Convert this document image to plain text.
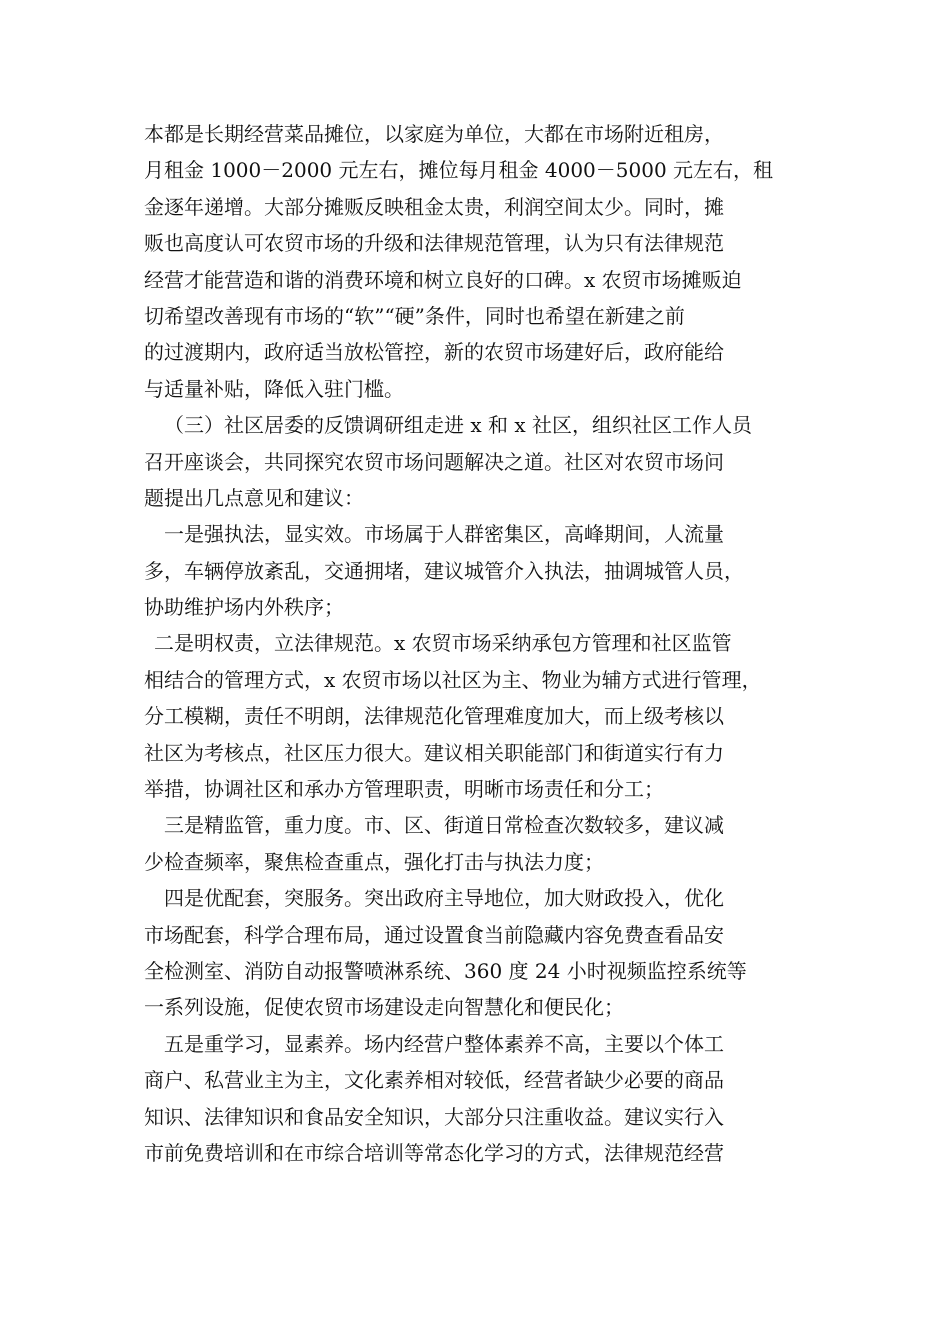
本都是长期经营菜品摊位，以家庭为单位，大都在市场附近租房，
月租金 1000－2000 元左右，摊位每月租金 4000－5000 元左右，租
金逐年递增。大部分摊贩反映租金太贵，利润空间太少。同时，摊
贩也高度认可农贸市场的升级和法律规范管理，认为只有法律规范
经营才能营造和谐的消费环境和树立良好的口碑。x 农贸市场摊贩迫
切希望改善现有市场的“软”“硬”条件，同时也希望在新建之前
的过渡期内，政府适当放松管控，新的农贸市场建好后，政府能给
与适量补贴，降低入驻门槛。
（三）社区居委的反馈调研组走进 x 和 x 社区，组织社区工作人员
召开座谈会，共同探究农贸市场问题解决之道。社区对农贸市场问
题提出几点意见和建议：
一是强执法，显实效。市场属于人群密集区，高峰期间，人流量
多，车辆停放紊乱，交通拥堵，建议城管介入执法，抽调城管人员，
协助维护场内外秩序；
二是明权责，立法律规范。x 农贸市场采纳承包方管理和社区监管
相结合的管理方式，x 农贸市场以社区为主、物业为辅方式进行管理，
分工模糊，责任不明朗，法律规范化管理难度加大，而上级考核以
社区为考核点，社区压力很大。建议相关职能部门和街道实行有力
举措，协调社区和承办方管理职责，明晰市场责任和分工；
三是精监管，重力度。市、区、街道日常检查次数较多，建议减
少检查频率，聚焦检查重点，强化打击与执法力度；
四是优配套，突服务。突出政府主导地位，加大财政投入，优化
市场配套，科学合理布局，通过设置食当前隐藏内容免费查看品安
全检测室、消防自动报警喷淋系统、360 度 24 小时视频监控系统等
一系列设施，促使农贸市场建设走向智慧化和便民化；
五是重学习，显素养。场内经营户整体素养不高，主要以个体工
商户、私营业主为主，文化素养相对较低，经营者缺少必要的商品
知识、法律知识和食品安全知识，大部分只注重收益。建议实行入
市前免费培训和在市综合培训等常态化学习的方式，法律规范经营
